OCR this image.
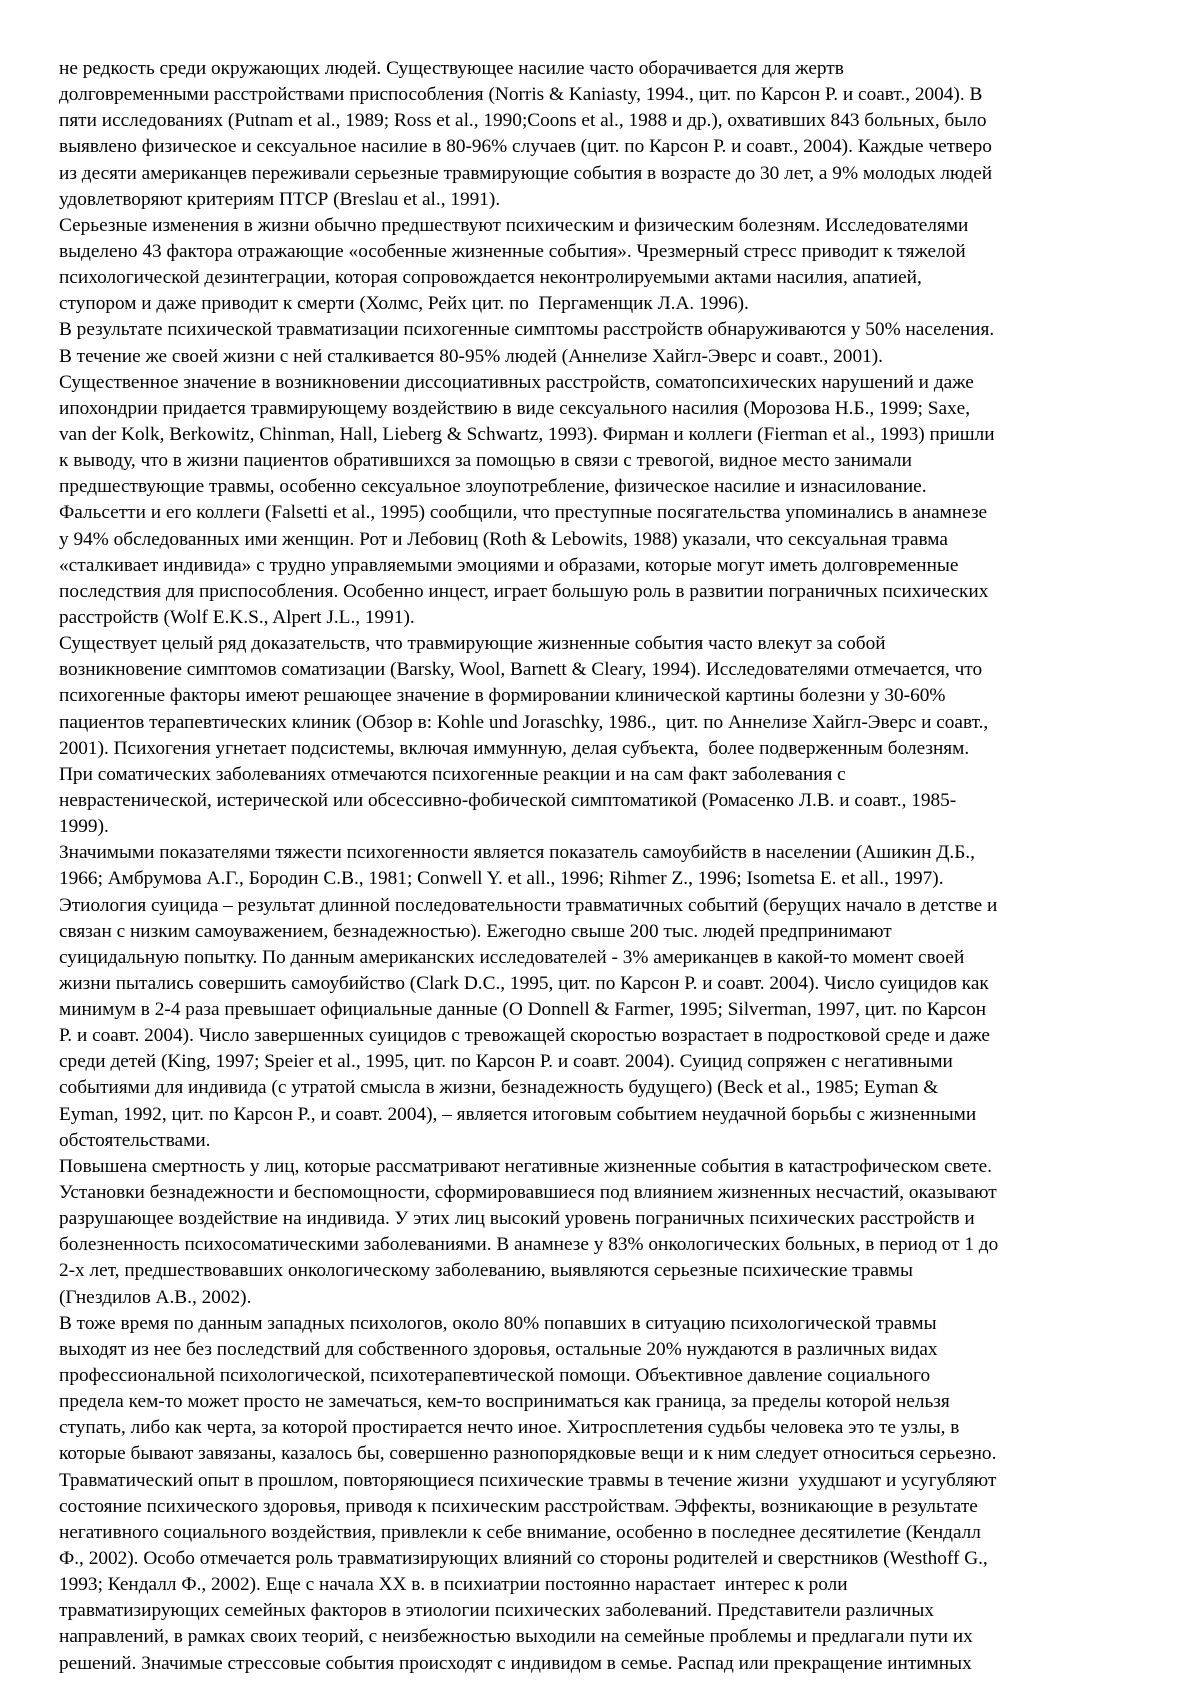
не редкость среди окружающих людей. Существующее насилие часто оборачивается для жертв
долговременными расстройствами приспособления (Norris & Kaniasty, 1994., цит. по Карсон Р. и соавт., 2004). В
пяти исследованиях (Putnam et al., 1989; Ross et al., 1990;Coons et al., 1988 и др.), охвативших 843 больных, было
выявлено физическое и сексуальное насилие в 80-96% случаев (цит. по Карсон Р. и соавт., 2004). Каждые четверо
из десяти американцев переживали серьезные травмирующие события в возрасте до 30 лет, а 9% молодых людей
удовлетворяют критериям ПТСР (Breslau et al., 1991).
Серьезные изменения в жизни обычно предшествуют психическим и физическим болезням. Исследователями
выделено 43 фактора отражающие «особенные жизненные события». Чрезмерный стресс приводит к тяжелой
психологической дезинтеграции, которая сопровождается неконтролируемыми актами насилия, апатией,
ступором и даже приводит к смерти (Холмс, Рейх цит. по  Пергаменщик Л.А. 1996).
В результате психической травматизации психогенные симптомы расстройств обнаруживаются у 50% населения.
В течение же своей жизни с ней сталкивается 80-95% людей (Аннелизе Хайгл-Эверс и соавт., 2001).
Существенное значение в возникновении диссоциативных расстройств, соматопсихических нарушений и даже
ипохондрии придается травмирующему воздействию в виде сексуального насилия (Морозова Н.Б., 1999; Saxe,
van der Kolk, Berkowitz, Chinman, Hall, Lieberg & Schwartz, 1993). Фирман и коллеги (Fierman et al., 1993) пришли
к выводу, что в жизни пациентов обратившихся за помощью в связи с тревогой, видное место занимали
предшествующие травмы, особенно сексуальное злоупотребление, физическое насилие и изнасилование.
Фальсетти и его коллеги (Falsetti et al., 1995) сообщили, что преступные посягательства упоминались в анамнезе
у 94% обследованных ими женщин. Рот и Лебовиц (Roth & Lebowits, 1988) указали, что сексуальная травма
«сталкивает индивида» с трудно управляемыми эмоциями и образами, которые могут иметь долговременные
последствия для приспособления. Особенно инцест, играет большую роль в развитии пограничных психических
расстройств (Wolf E.K.S., Alpert J.L., 1991).
Существует целый ряд доказательств, что травмирующие жизненные события часто влекут за собой
возникновение симптомов соматизации (Barsky, Wool, Barnett & Cleary, 1994). Исследователями отмечается, что
психогенные факторы имеют решающее значение в формировании клинической картины болезни у 30-60%
пациентов терапевтических клиник (Обзор в: Kohle und Joraschky, 1986.,  цит. по Аннелизе Хайгл-Эверс и соавт.,
2001). Психогения угнетает подсистемы, включая иммунную, делая субъекта,  более подверженным болезням.
При соматических заболеваниях отмечаются психогенные реакции и на сам факт заболевания с
неврастенической, истерической или обсессивно-фобической симптоматикой (Ромасенко Л.В. и соавт., 1985-
1999).
Значимыми показателями тяжести психогенности является показатель самоубийств в населении (Ашикин Д.Б.,
1966; Амбрумова А.Г., Бородин С.В., 1981; Conwell Y. et all., 1996; Rihmer Z., 1996; Isometsa E. et all., 1997).
Этиология суицида – результат длинной последовательности травматичных событий (берущих начало в детстве и
связан с низким самоуважением, безнадежностью). Ежегодно свыше 200 тыс. людей предпринимают
суицидальную попытку. По данным американских исследователей - 3% американцев в какой-то момент своей
жизни пытались совершить самоубийство (Clark D.C., 1995, цит. по Карсон Р. и соавт. 2004). Число суицидов как
минимум в 2-4 раза превышает официальные данные (O Donnell & Farmer, 1995; Silverman, 1997, цит. по Карсон
Р. и соавт. 2004). Число завершенных суицидов с тревожащей скоростью возрастает в подростковой среде и даже
среди детей (King, 1997; Speier et al., 1995, цит. по Карсон Р. и соавт. 2004). Суицид сопряжен с негативными
событиями для индивида (с утратой смысла в жизни, безнадежность будущего) (Beck et al., 1985; Eyman &
Eyman, 1992, цит. по Карсон Р., и соавт. 2004), – является итоговым событием неудачной борьбы с жизненными
обстоятельствами.
Повышена смертность у лиц, которые рассматривают негативные жизненные события в катастрофическом свете.
Установки безнадежности и беспомощности, сформировавшиеся под влиянием жизненных несчастий, оказывают
разрушающее воздействие на индивида. У этих лиц высокий уровень пограничных психических расстройств и
болезненность психосоматическими заболеваниями. В анамнезе у 83% онкологических больных, в период от 1 до
2-х лет, предшествовавших онкологическому заболеванию, выявляются серьезные психические травмы
(Гнездилов А.В., 2002).
В тоже время по данным западных психологов, около 80% попавших в ситуацию психологической травмы
выходят из нее без последствий для собственного здоровья, остальные 20% нуждаются в различных видах
профессиональной психологической, психотерапевтической помощи. Объективное давление социального
предела кем-то может просто не замечаться, кем-то восприниматься как граница, за пределы которой нельзя
ступать, либо как черта, за которой простирается нечто иное. Хитросплетения судьбы человека это те узлы, в
которые бывают завязаны, казалось бы, совершенно разнопорядковые вещи и к ним следует относиться серьезно.
Травматический опыт в прошлом, повторяющиеся психические травмы в течение жизни  ухудшают и усугубляют
состояние психического здоровья, приводя к психическим расстройствам. Эффекты, возникающие в результате
негативного социального воздействия, привлекли к себе внимание, особенно в последнее десятилетие (Кендалл
Ф., 2002). Особо отмечается роль травматизирующих влияний со стороны родителей и сверстников (Westhoff G.,
1993; Кендалл Ф., 2002). Еще с начала XX в. в психиатрии постоянно нарастает  интерес к роли
травматизирующих семейных факторов в этиологии психических заболеваний. Представители различных
направлений, в рамках своих теорий, с неизбежностью выходили на семейные проблемы и предлагали пути их
решений. Значимые стрессовые события происходят с индивидом в семье. Распад или прекращение интимных
